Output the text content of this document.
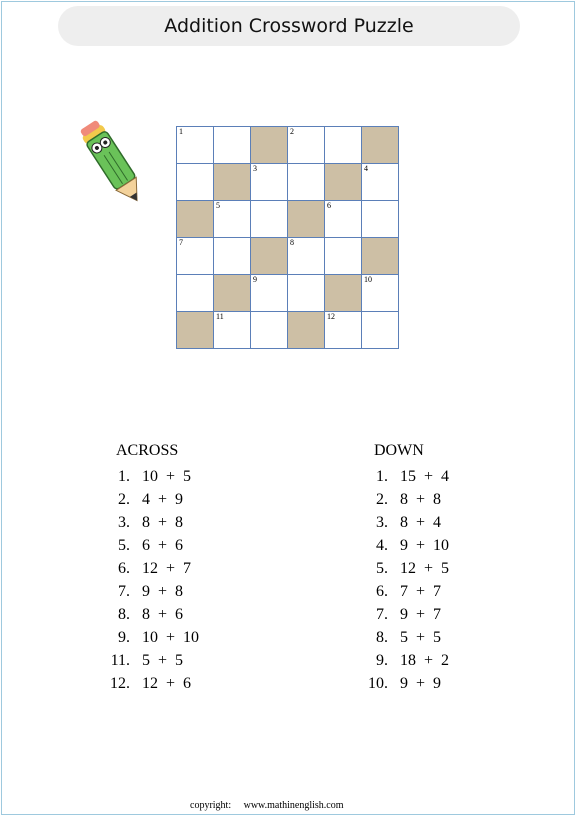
Addition Crossword Puzzle
1	2
3	4
5	6
7	8
9	10
11	12
ACROSS
1. 10  +  5
2. 4  +  9
3. 8  +  8
5. 6  +  6
6. 12  +  7
7. 9  +  8
8. 8  +  6
9. 10  +  10
11. 5  +  5
12. 12  +  6
DOWN
1. 15  +  4
2. 8  +  8
3. 8  +  4
4. 9  +  10
5. 12  +  5
6. 7  +  7
7. 9  +  7
8. 5  +  5
9. 18  +  2
10. 9  +  9
copyright: www.mathinenglish.com
